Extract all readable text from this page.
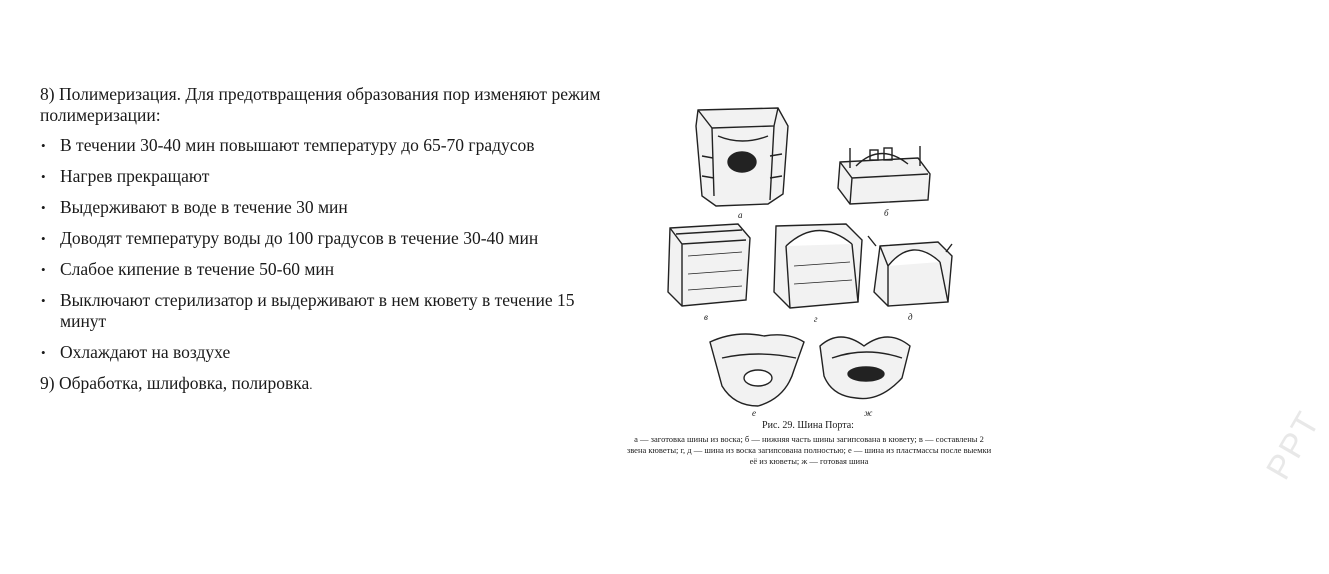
8) Полимеризация. Для предотвращения образования пор изменяют режим полимеризации:

• В течении 30-40 мин повышают температуру до 65-70 градусов
• Нагрев прекращают
• Выдерживают в воде в течение 30 мин
• Доводят температуру воды до 100 градусов в течение 30-40 мин
• Слабое кипение в течение 50-60 мин
• Выключают стерилизатор и выдерживают в нем кювету в течение 15 минут
• Охлаждают на воздухе

9) Обработка, шлифовка, полировка.

PPT
а	б
в	г	д
е	ж
Рис. 29. Шина Порта:
а — заготовка шины из воска; б — нижняя часть шины загипсована в кювету; в — составлены 2 звена кюветы; г, д — шина из воска загипсована полностью; е — шина из пластмассы после выемки её из кюветы; ж — готовая шина
